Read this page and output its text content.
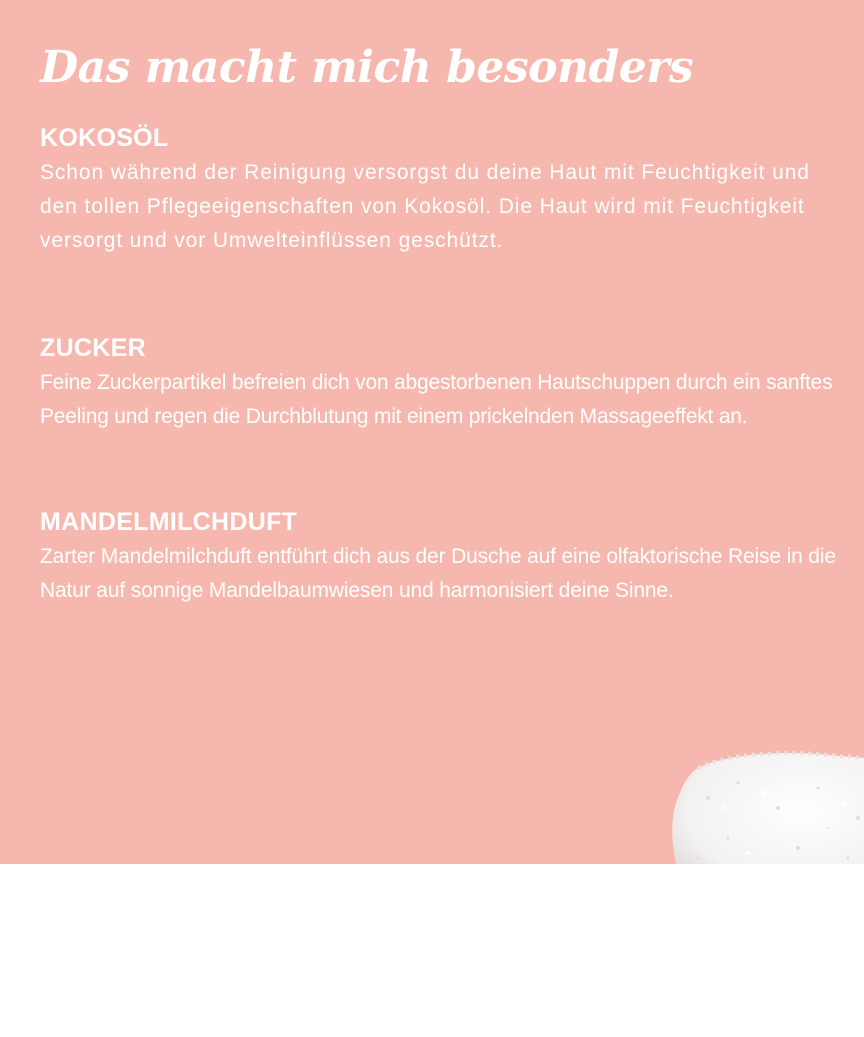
Das macht mich besonders
KOKOSÖL

Schon während der Reinigung versorgst du deine Haut mit Feuchtigkeit und den tollen Pflegeeigenschaften von Kokosöl. Die Haut wird mit Feuchtigkeit versorgt und vor Umwelteinflüssen geschützt.

ZUCKER

Feine Zuckerpartikel befreien dich von abgestorbenen Hautschuppen durch ein sanftes Peeling und regen die Durchblutung mit einem prickelnden Massageeffekt an.

MANDELMILCHDUFT

Zarter Mandelmilchduft entführt dich aus der Dusche auf eine olfaktorische Reise in die Natur auf sonnige Mandelbaumwiesen und harmonisiert deine Sinne.
